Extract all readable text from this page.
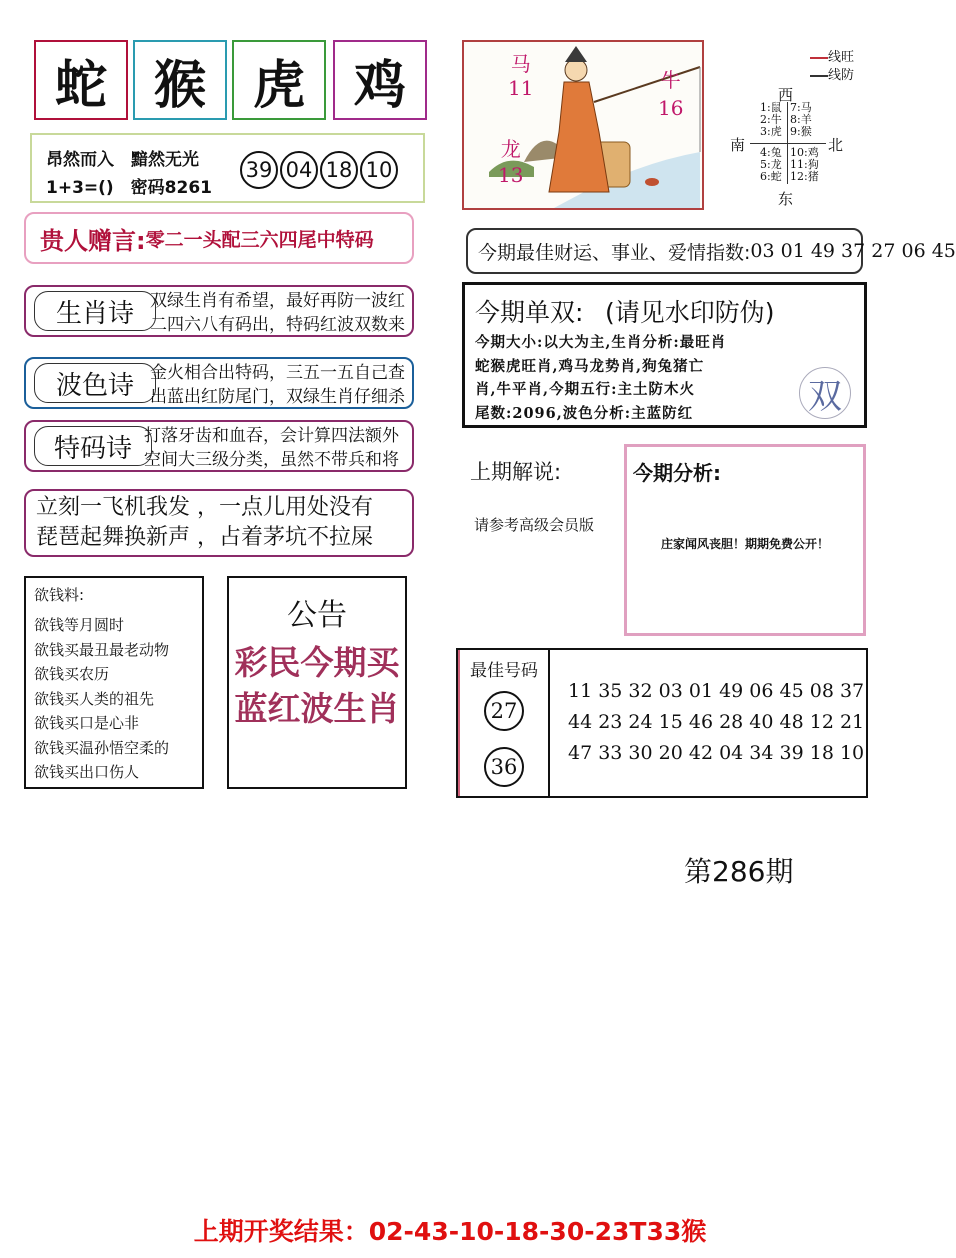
蛇 猴 虎 鸡
昂然而入　黯然无光
1+3=()　密码8261
39 04 18 10
贵人赠言: 零二一头配三六四尾中特码
生肖诗 双绿生肖有希望，最好再防一波红
二四六八有码出，特码红波双数来
波色诗 金火相合出特码，三五一五自己查
出蓝出红防尾门，双绿生肖仔细杀
特码诗 打落牙齿和血吞，会计算四法额外
空间大三级分类，虽然不带兵和将
立刻一飞机我发 ，一点儿用处没有
琵琶起舞换新声 ，占着茅坑不拉屎
欲钱料:
欲钱等月圆时
欲钱买最丑最老动物
欲钱买农历
欲钱买人类的祖先
欲钱买口是心非
欲钱买温孙悟空柔的
欲钱买出口伤人
公告
彩民今期买
蓝红波生肖
马
11	牛
16
龙
13
线旺
线防
西
南	北
东
1:鼠
2:牛
3:虎
7:马
8:羊
9:猴
4:兔
5:龙
6:蛇
10:鸡
11:狗
12:猪
今期最佳财运、事业、爱情指数: 03 01 49 37 27 06 45
今期单双: (请见水印防伪)
今期大小:以大为主,生肖分析:最旺肖
蛇猴虎旺肖,鸡马龙势肖,狗兔猪亡
肖,牛平肖,今期五行:主土防木火
尾数:2096,波色分析:主蓝防红	双
上期解说:
请参考高级会员版
今期分析:
庄家闻风丧胆！期期免费公开！
最佳号码
27
36
11 35 32 03 01 49 06 45 08 37
44 23 24 15 46 28 40 48 12 21
47 33 30 20 42 04 34 39 18 10
第286期
上期开奖结果：02-43-10-18-30-23T33猴
